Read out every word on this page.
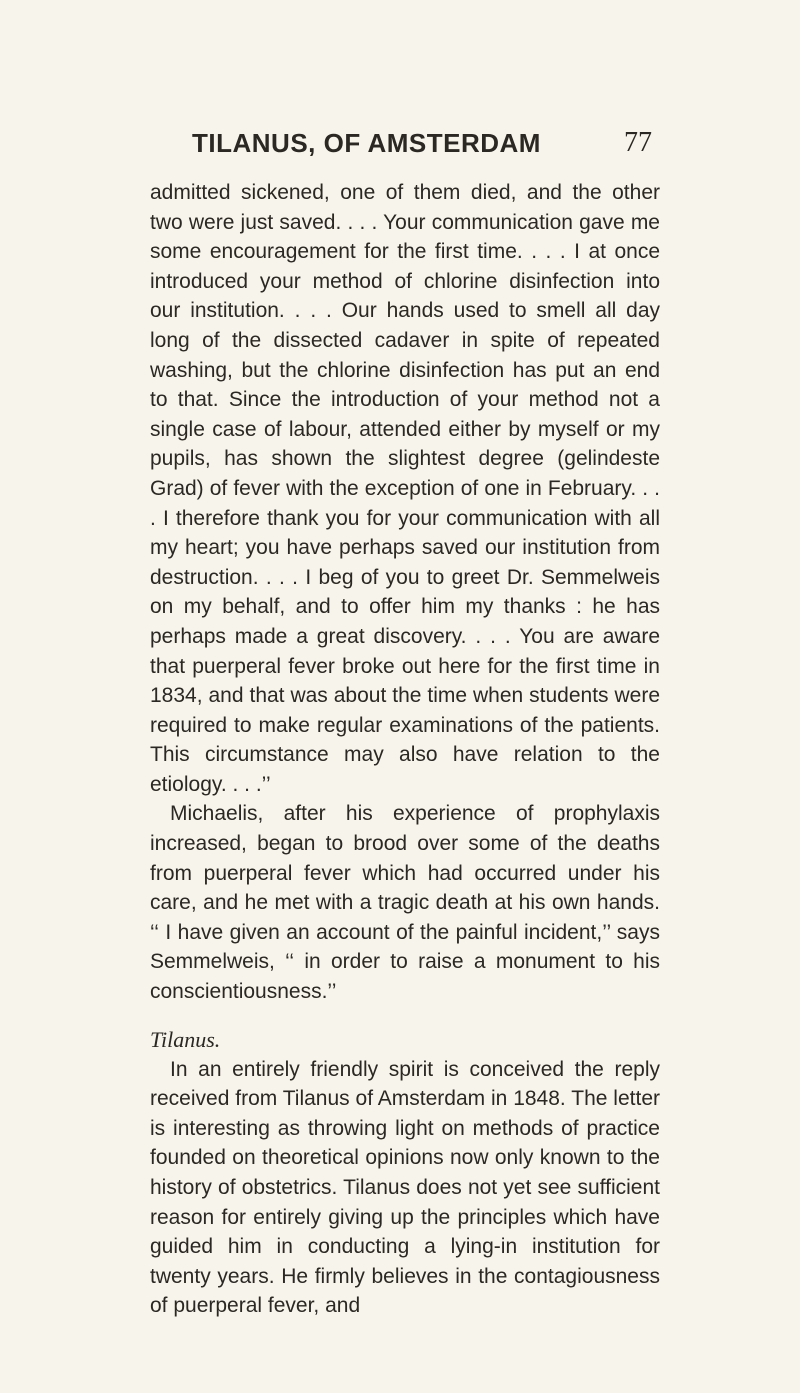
TILANUS, OF AMSTERDAM	77

admitted sickened, one of them died, and the other two were just saved. . . . Your communication gave me some encouragement for the first time. . . . I at once introduced your method of chlorine disinfection into our institution. . . . Our hands used to smell all day long of the dissected cadaver in spite of repeated washing, but the chlorine disinfection has put an end to that. Since the introduction of your method not a single case of labour, attended either by myself or my pupils, has shown the slightest degree (gelindeste Grad) of fever with the exception of one in February. . . . I therefore thank you for your communication with all my heart; you have perhaps saved our institution from destruction. . . . I beg of you to greet Dr. Semmelweis on my behalf, and to offer him my thanks : he has perhaps made a great discovery. . . . You are aware that puerperal fever broke out here for the first time in 1834, and that was about the time when students were required to make regular examinations of the patients. This circumstance may also have relation to the etiology. . . .’’

Michaelis, after his experience of prophylaxis increased, began to brood over some of the deaths from puerperal fever which had occurred under his care, and he met with a tragic death at his own hands. ‘‘ I have given an account of the painful incident,’’ says Semmelweis, ‘‘ in order to raise a monument to his conscientiousness.’’

Tilanus.

In an entirely friendly spirit is conceived the reply received from Tilanus of Amsterdam in 1848. The letter is interesting as throwing light on methods of practice founded on theoretical opinions now only known to the history of obstetrics. Tilanus does not yet see sufficient reason for entirely giving up the principles which have guided him in conducting a lying-in institution for twenty years. He firmly believes in the contagiousness of puerperal fever, and
